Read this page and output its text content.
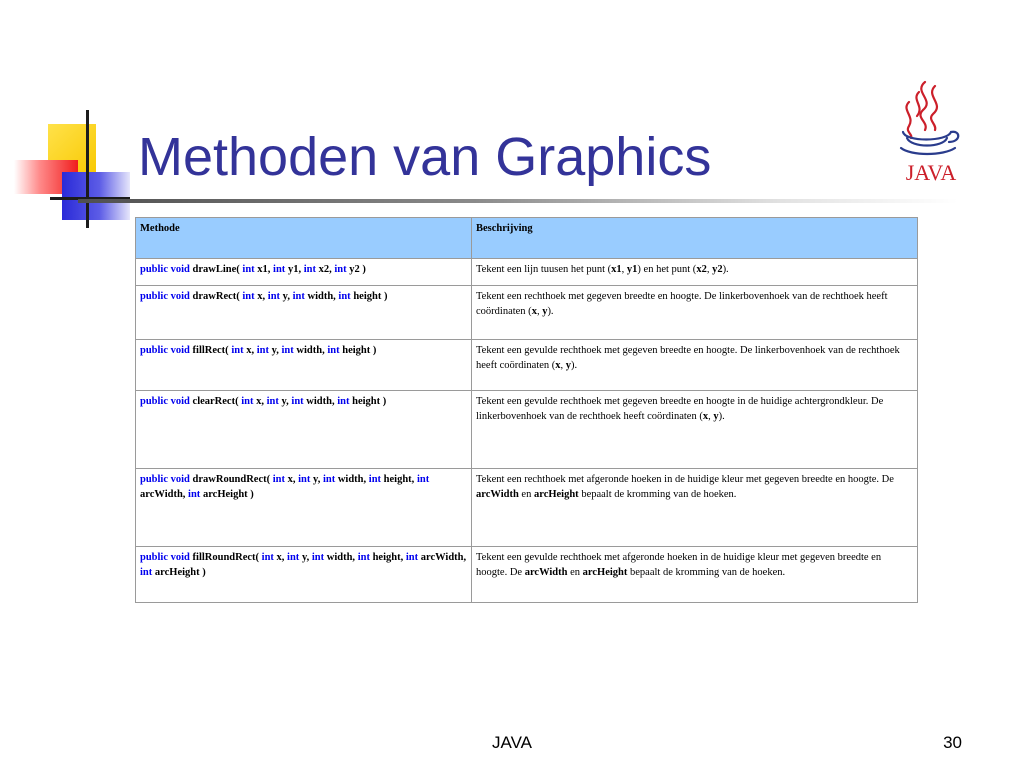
Methoden van Graphics	JAVA
Methode	Beschrijving
public void drawLine( int x1, int y1, int x2, int y2 )	Tekent een lijn tuusen het punt (x1, y1) en het punt (x2, y2).
public void drawRect( int x, int y, int width, int height )	Tekent een rechthoek met gegeven breedte en hoogte. De linkerbovenhoek van de rechthoek heeft coördinaten (x, y).
public void fillRect( int x, int y, int width, int height )	Tekent een gevulde rechthoek met gegeven breedte en hoogte. De linkerbovenhoek van de rechthoek heeft coördinaten (x, y).
public void clearRect( int x, int y, int width, int height )	Tekent een gevulde rechthoek met gegeven breedte en hoogte in de huidige achtergrondkleur. De linkerbovenhoek van de rechthoek heeft coördinaten (x, y).
public void drawRoundRect( int x, int y, int width, int height, int arcWidth, int arcHeight )	Tekent een rechthoek met afgeronde hoeken in de huidige kleur met gegeven breedte en hoogte. De arcWidth en arcHeight bepaalt de kromming van de hoeken.
public void fillRoundRect( int x, int y, int width, int height, int arcWidth, int arcHeight )	Tekent een gevulde rechthoek met afgeronde hoeken in de huidige kleur met gegeven breedte en hoogte. De arcWidth en arcHeight bepaalt de kromming van de hoeken.
JAVA	30
